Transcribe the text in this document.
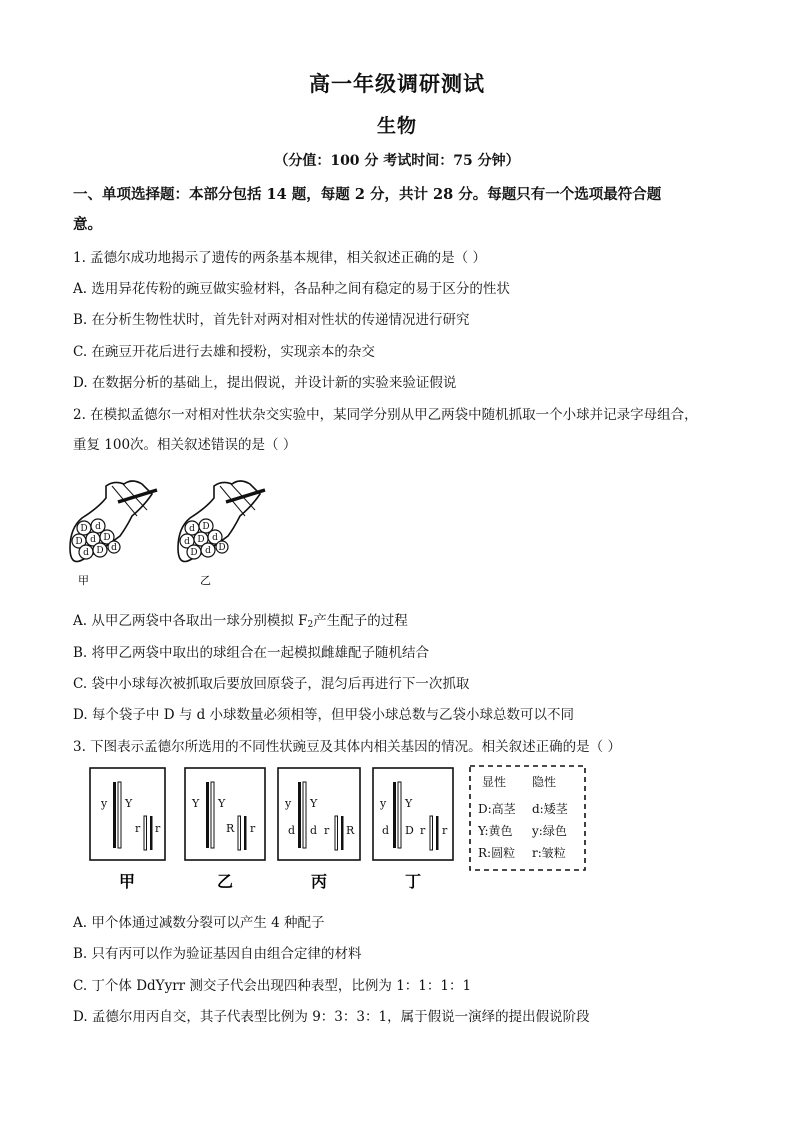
高一年级调研测试
生物
（分值：100 分 考试时间：75 分钟）
一、单项选择题：本部分包括 14 题，每题 2 分，共计 28 分。每题只有一个选项最符合题
意。
1. 孟德尔成功地揭示了遗传的两条基本规律，相关叙述正确的是（ ）
A. 选用异花传粉的豌豆做实验材料，各品种之间有稳定的易于区分的性状
B. 在分析生物性状时，首先针对两对相对性状的传递情况进行研究
C. 在豌豆开花后进行去雄和授粉，实现亲本的杂交
D. 在数据分析的基础上，提出假说，并设计新的实验来验证假说
2. 在模拟孟德尔一对相对性状杂交实验中，某同学分别从甲乙两袋中随机抓取一个小球并记录字母组合，
重复 100次。相关叙述错误的是（ ）
D d
D d D
d D d
甲
d D
d D d
D d D
乙
A. 从甲乙两袋中各取出一球分别模拟 $F_2$产生配子的过程
B. 将甲乙两袋中取出的球组合在一起模拟雌雄配子随机结合
C. 袋中小球每次被抓取后要放回原袋子，混匀后再进行下一次抓取
D. 每个袋子中 D 与 d 小球数量必须相等，但甲袋小球总数与乙袋小球总数可以不同
3. 下图表示孟德尔所选用的不同性状豌豆及其体内相关基因的情况。相关叙述正确的是（ ）
y Y
r r
甲
Y Y
R r
乙
y Y
d d r R
丙
y Y
d D r r
丁
显性 隐性
D:高茎 d:矮茎
Y:黄色 y:绿色
R:圆粒 r:皱粒
A. 甲个体通过减数分裂可以产生 4 种配子
B. 只有丙可以作为验证基因自由组合定律的材料
C. 丁个体 DdYyrr 测交子代会出现四种表型，比例为 1：1：1：1
D. 孟德尔用丙自交，其子代表型比例为 9：3：3：1，属于假说一演绎的提出假说阶段
